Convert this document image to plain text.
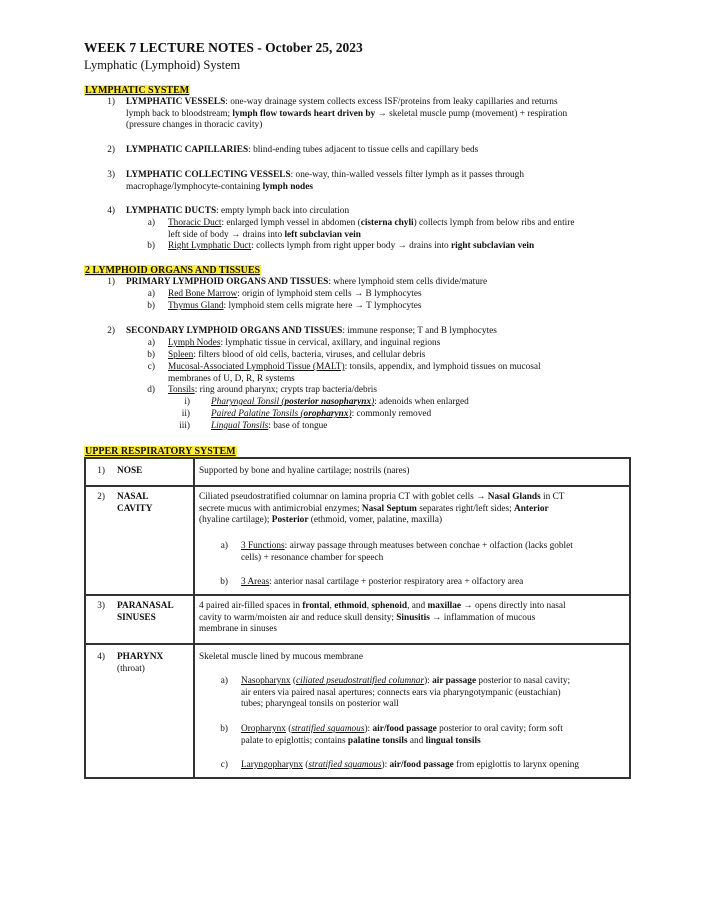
WEEK 7 LECTURE NOTES - October 25, 2023
Lymphatic (Lymphoid) System
LYMPHATIC SYSTEM
1) LYMPHATIC VESSELS: one-way drainage system collects excess ISF/proteins from leaky capillaries and returns
lymph back to bloodstream; lymph flow towards heart driven by → skeletal muscle pump (movement) + respiration
(pressure changes in thoracic cavity)
2) LYMPHATIC CAPILLARIES: blind-ending tubes adjacent to tissue cells and capillary beds
3) LYMPHATIC COLLECTING VESSELS: one-way, thin-walled vessels filter lymph as it passes through
macrophage/lymphocyte-containing lymph nodes
4) LYMPHATIC DUCTS: empty lymph back into circulation
a) Thoracic Duct: enlarged lymph vessel in abdomen (cisterna chyli) collects lymph from below ribs and entire
left side of body → drains into left subclavian vein
b) Right Lymphatic Duct: collects lymph from right upper body → drains into right subclavian vein
2 LYMPHOID ORGANS AND TISSUES
1) PRIMARY LYMPHOID ORGANS AND TISSUES: where lymphoid stem cells divide/mature
a) Red Bone Marrow: origin of lymphoid stem cells → B lymphocytes
b) Thymus Gland: lymphoid stem cells migrate here → T lymphocytes
2) SECONDARY LYMPHOID ORGANS AND TISSUES: immune response; T and B lymphocytes
a) Lymph Nodes: lymphatic tissue in cervical, axillary, and inguinal regions
b) Spleen: filters blood of old cells, bacteria, viruses, and cellular debris
c) Mucosal-Associated Lymphoid Tissue (MALT): tonsils, appendix, and lymphoid tissues on mucosal
membranes of U, D, R, R systems
d) Tonsils: ring around pharynx; crypts trap bacteria/debris
i) Pharyngeal Tonsil (posterior nasopharynx): adenoids when enlarged
ii) Paired Palatine Tonsils (oropharynx): commonly removed
iii) Lingual Tonsils: base of tongue
UPPER RESPIRATORY SYSTEM
1) NOSE	Supported by bone and hyaline cartilage; nostrils (nares)
2) NASAL
CAVITY
Ciliated pseudostratified columnar on lamina propria CT with goblet cells → Nasal Glands in CT
secrete mucus with antimicrobial enzymes; Nasal Septum separates right/left sides; Anterior
(hyaline cartilage); Posterior (ethmoid, vomer, palatine, maxilla)
a) 3 Functions: airway passage through meatuses between conchae + olfaction (lacks goblet
cells) + resonance chamber for speech
b) 3 Areas: anterior nasal cartilage + posterior respiratory area + olfactory area
3) PARANASAL
SINUSES
4 paired air-filled spaces in frontal, ethmoid, sphenoid, and maxillae → opens directly into nasal
cavity to warm/moisten air and reduce skull density; Sinusitis → inflammation of mucous
membrane in sinuses
4) PHARYNX
(throat)
Skeletal muscle lined by mucous membrane
a) Nasopharynx (ciliated pseudostratified columnar): air passage posterior to nasal cavity;
air enters via paired nasal apertures; connects ears via pharyngotympanic (eustachian)
tubes; pharyngeal tonsils on posterior wall
b) Oropharynx (stratified squamous): air/food passage posterior to oral cavity; form soft
palate to epiglottis; contains palatine tonsils and lingual tonsils
c) Laryngopharynx (stratified squamous): air/food passage from epiglottis to larynx opening
